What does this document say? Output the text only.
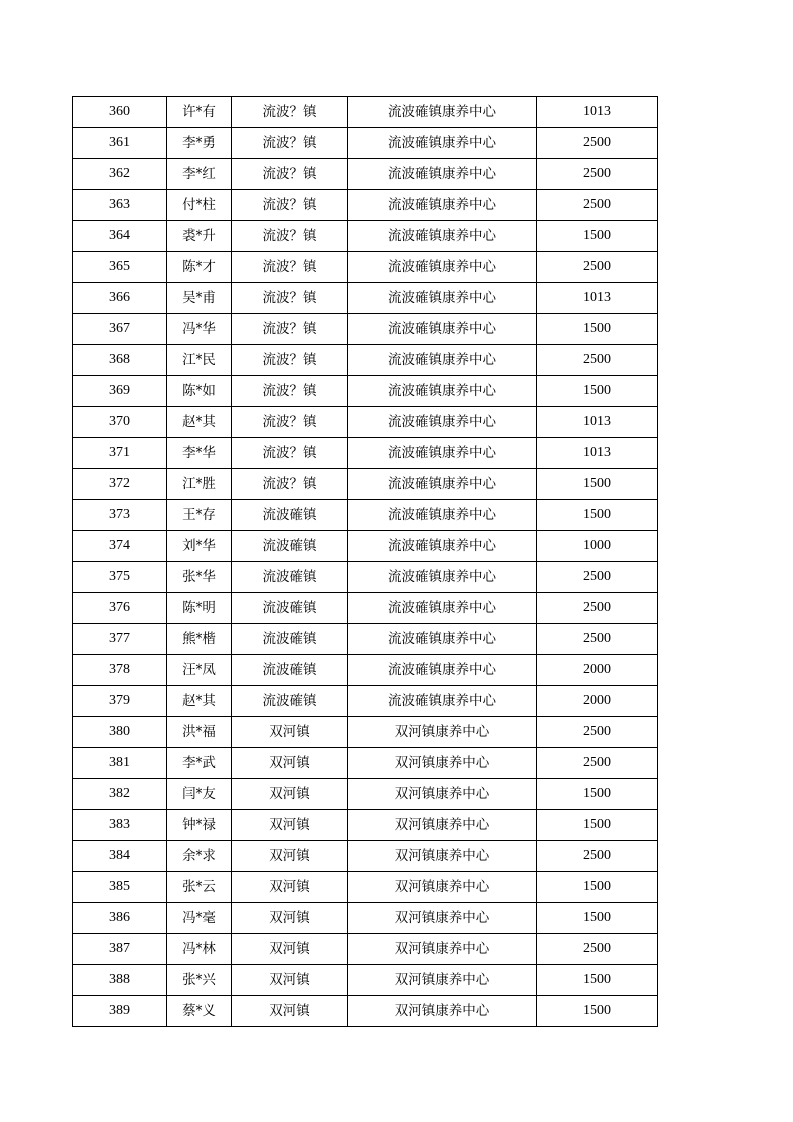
360	许*有	流波？镇	流波確镇康养中心	1013
361	李*勇	流波？镇	流波確镇康养中心	2500
362	李*红	流波？镇	流波確镇康养中心	2500
363	付*柱	流波？镇	流波確镇康养中心	2500
364	裘*升	流波？镇	流波確镇康养中心	1500
365	陈*才	流波？镇	流波確镇康养中心	2500
366	吴*甫	流波？镇	流波確镇康养中心	1013
367	冯*华	流波？镇	流波確镇康养中心	1500
368	江*民	流波？镇	流波確镇康养中心	2500
369	陈*如	流波？镇	流波確镇康养中心	1500
370	赵*其	流波？镇	流波確镇康养中心	1013
371	李*华	流波？镇	流波確镇康养中心	1013
372	江*胜	流波？镇	流波確镇康养中心	1500
373	王*存	流波確镇	流波確镇康养中心	1500
374	刘*华	流波確镇	流波確镇康养中心	1000
375	张*华	流波確镇	流波確镇康养中心	2500
376	陈*明	流波確镇	流波確镇康养中心	2500
377	熊*楷	流波確镇	流波確镇康养中心	2500
378	汪*凤	流波確镇	流波確镇康养中心	2000
379	赵*其	流波確镇	流波確镇康养中心	2000
380	洪*福	双河镇	双河镇康养中心	2500
381	李*武	双河镇	双河镇康养中心	2500
382	闫*友	双河镇	双河镇康养中心	1500
383	钟*禄	双河镇	双河镇康养中心	1500
384	余*求	双河镇	双河镇康养中心	2500
385	张*云	双河镇	双河镇康养中心	1500
386	冯*毫	双河镇	双河镇康养中心	1500
387	冯*林	双河镇	双河镇康养中心	2500
388	张*兴	双河镇	双河镇康养中心	1500
389	蔡*义	双河镇	双河镇康养中心	1500
